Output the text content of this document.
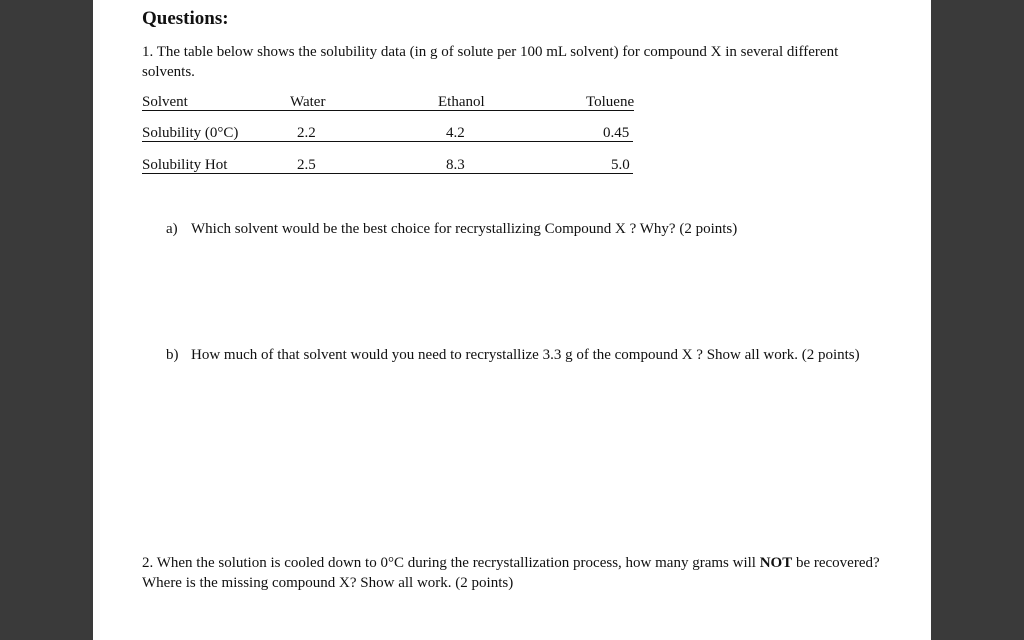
Questions:
1. The table below shows the solubility data (in g of solute per 100 mL solvent) for compound X in several different solvents.
Solvent	Water	Ethanol	Toluene
Solubility (0°C)	2.2	4.2	0.45
Solubility Hot	2.5	8.3	5.0
a) Which solvent would be the best choice for recrystallizing Compound X ? Why? (2 points)
b) How much of that solvent would you need to recrystallize 3.3 g of the compound X ? Show all work. (2 points)
2. When the solution is cooled down to 0°C during the recrystallization process, how many grams will NOT be recovered? Where is the missing compound X? Show all work. (2 points)
